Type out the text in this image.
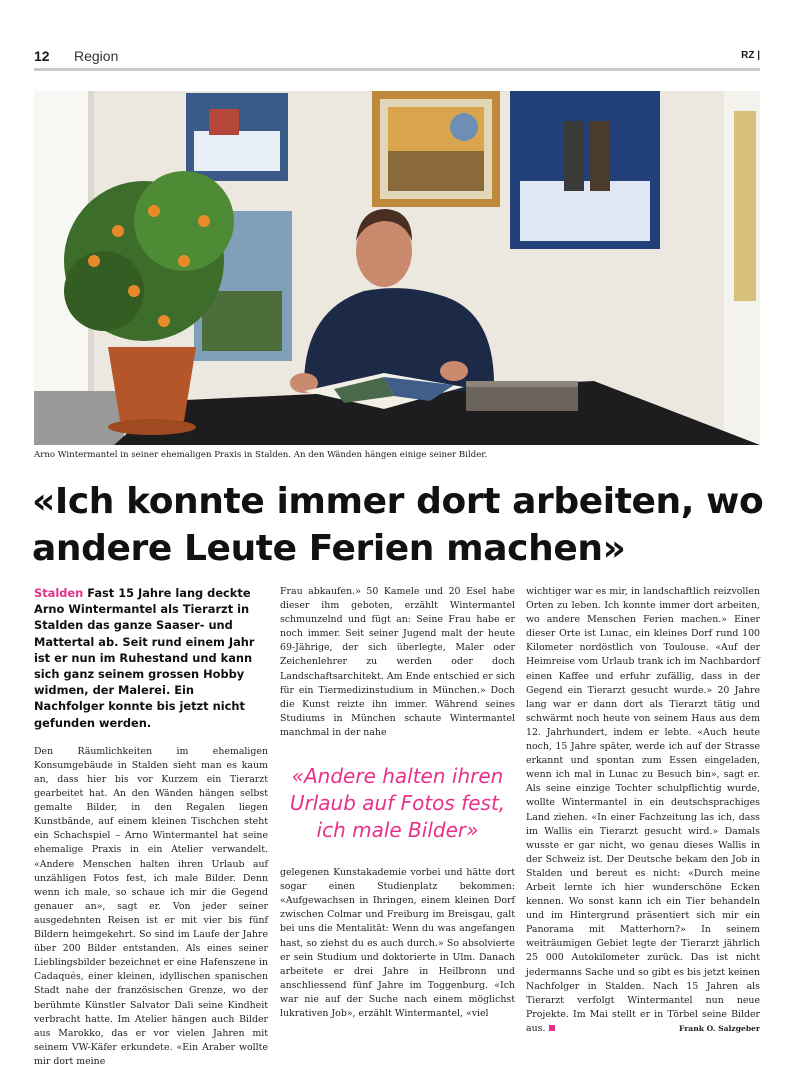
12 Region	RZ |
Arno Wintermantel in seiner ehemaligen Praxis in Stalden. An den Wänden hängen einige seiner Bilder.
«Ich konnte immer dort arbeiten, wo
andere Leute Ferien machen»

Stalden Fast 15 Jahre lang deckte Arno Wintermantel als Tierarzt in Stalden das ganze Saaser- und Mattertal ab. Seit rund einem Jahr ist er nun im Ruhestand und kann sich ganz seinem grossen Hobby widmen, der Malerei. Ein Nachfolger konnte bis jetzt nicht gefunden werden.

Den Räumlichkeiten im ehemaligen Konsumgebäude in Stalden sieht man es kaum an, dass hier bis vor Kurzem ein Tierarzt gearbeitet hat. An den Wänden hängen selbst gemalte Bilder, in den Regalen liegen Kunstbände, auf einem kleinen Tischchen steht ein Schachspiel – Arno Wintermantel hat seine ehemalige Praxis in ein Atelier verwandelt. «Andere Menschen halten ihren Urlaub auf unzähligen Fotos fest, ich male Bilder. Denn wenn ich male, so schaue ich mir die Gegend genauer an», sagt er. Von jeder seiner ausgedehnten Reisen ist er mit vier bis fünf Bildern heimgekehrt. So sind im Laufe der Jahre über 200 Bilder entstanden. Als eines seiner Lieblingsbilder bezeichnet er eine Hafenszene in Cadaqués, einer kleinen, idyllischen spanischen Stadt nahe der französischen Grenze, wo der berühmte Künstler Salvator Dali seine Kindheit verbracht hatte. Im Atelier hängen auch Bilder aus Marokko, das er vor vielen Jahren mit seinem VW-Käfer erkundete. «Ein Araber wollte mir dort meine

Frau abkaufen.» 50 Kamele und 20 Esel habe dieser ihm geboten, erzählt Wintermantel schmunzelnd und fügt an: Seine Frau habe er noch immer. Seit seiner Jugend malt der heute 69-Jährige, der sich überlegte, Maler oder Zeichenlehrer zu werden oder doch Landschaftsarchitekt. Am Ende entschied er sich für ein Tiermedizinstudium in München.» Doch die Kunst reizte ihn immer. Während seines Studiums in München schaute Wintermantel manchmal in der nahe

«Andere halten ihren Urlaub auf Fotos fest, ich male Bilder»

gelegenen Kunstakademie vorbei und hätte dort sogar einen Studienplatz bekommen: «Aufgewachsen in Ihringen, einem kleinen Dorf zwischen Colmar und Freiburg im Breisgau, galt bei uns die Mentalität: Wenn du was angefangen hast, so ziehst du es auch durch.» So absolvierte er sein Studium und doktorierte in Ulm. Danach arbeitete er drei Jahre in Heilbronn und anschliessend fünf Jahre im Toggenburg. «Ich war nie auf der Suche nach einem möglichst lukrativen Job», erzählt Wintermantel, «viel

wichtiger war es mir, in landschaftlich reizvollen Orten zu leben. Ich konnte immer dort arbeiten, wo andere Menschen Ferien machen.» Einer dieser Orte ist Lunac, ein kleines Dorf rund 100 Kilometer nordöstlich von Toulouse. «Auf der Heimreise vom Urlaub trank ich im Nachbardorf einen Kaffee und erfuhr zufällig, dass in der Gegend ein Tierarzt gesucht wurde.» 20 Jahre lang war er dann dort als Tierarzt tätig und schwärmt noch heute von seinem Haus aus dem 12. Jahrhundert, indem er lebte. «Auch heute noch, 15 Jahre später, werde ich auf der Strasse erkannt und spontan zum Essen eingeladen, wenn ich mal in Lunac zu Besuch bin», sagt er. Als seine einzige Tochter schulpflichtig wurde, wollte Wintermantel in ein deutschsprachiges Land ziehen. «In einer Fachzeitung las ich, dass im Wallis ein Tierarzt gesucht wird.» Damals wusste er gar nicht, wo genau dieses Wallis in der Schweiz ist. Der Deutsche bekam den Job in Stalden und bereut es nicht: «Durch meine Arbeit lernte ich hier wunderschöne Ecken kennen. Wo sonst kann ich ein Tier behandeln und im Hintergrund präsentiert sich mir ein Panorama mit Matterhorn?» In seinem weiträumigen Gebiet legte der Tierarzt jährlich 25 000 Autokilometer zurück. Das ist nicht jedermanns Sache und so gibt es bis jetzt keinen Nachfolger in Stalden. Nach 15 Jahren als Tierarzt verfolgt Wintermantel nun neue Projekte. Im Mai stellt er in Törbel seine Bilder aus.	Frank O. Salzgeber
